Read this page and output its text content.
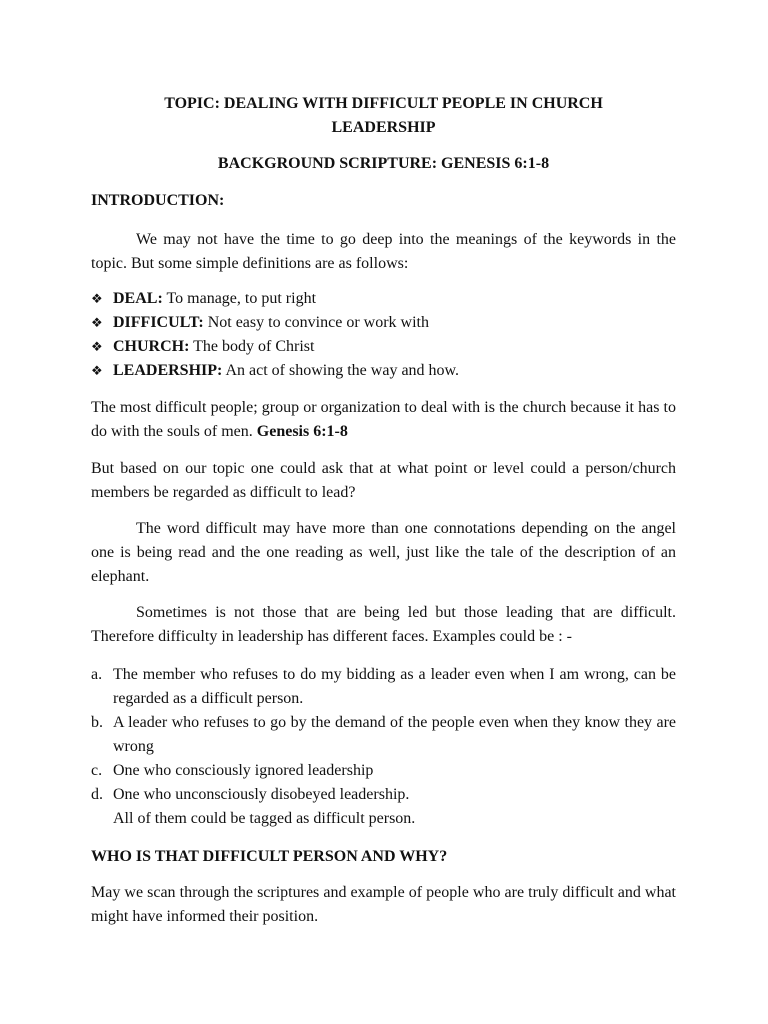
TOPIC: DEALING WITH DIFFICULT PEOPLE IN CHURCH
LEADERSHIP
BACKGROUND SCRIPTURE: GENESIS 6:1-8
INTRODUCTION:
We may not have the time to go deep into the meanings of the keywords in the topic. But some simple definitions are as follows:
❖ DEAL: To manage, to put right
❖ DIFFICULT: Not easy to convince or work with
❖ CHURCH: The body of Christ
❖ LEADERSHIP: An act of showing the way and how.
The most difficult people; group or organization to deal with is the church because it has to do with the souls of men. Genesis 6:1-8
But based on our topic one could ask that at what point or level could a person/church members be regarded as difficult to lead?
The word difficult may have more than one connotations depending on the angel one is being read and the one reading as well, just like the tale of the description of an elephant.
Sometimes is not those that are being led but those leading that are difficult. Therefore difficulty in leadership has different faces. Examples could be : -
a. The member who refuses to do my bidding as a leader even when I am wrong, can be regarded as a difficult person.
b. A leader who refuses to go by the demand of the people even when they know they are wrong
c. One who consciously ignored leadership
d. One who unconsciously disobeyed leadership.
All of them could be tagged as difficult person.
WHO IS THAT DIFFICULT PERSON AND WHY?
May we scan through the scriptures and example of people who are truly difficult and what might have informed their position.
